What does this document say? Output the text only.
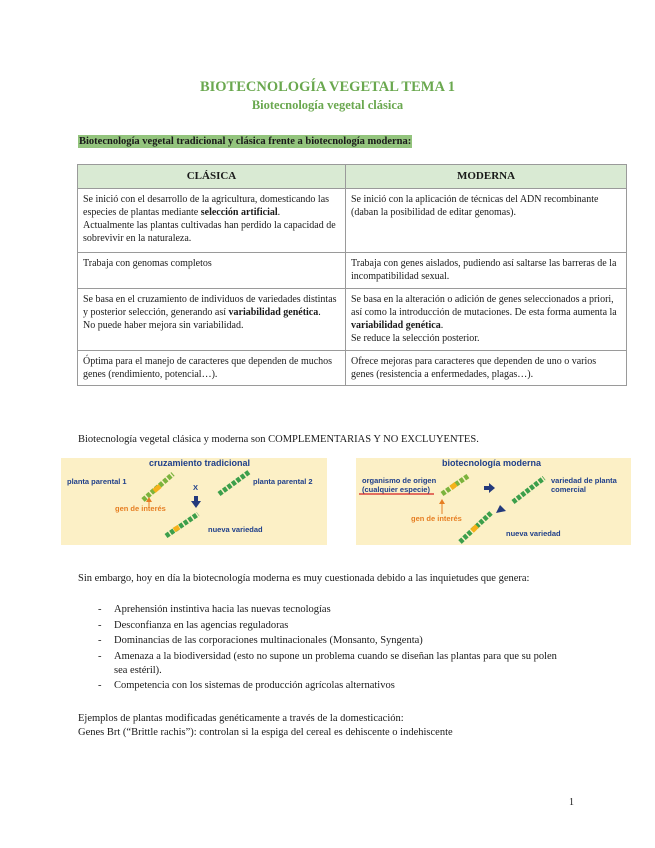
BIOTECNOLOGÍA VEGETAL TEMA 1
Biotecnología vegetal clásica
Biotecnología vegetal tradicional y clásica frente a biotecnología moderna:
CLÁSICA	MODERNA
Se inició con el desarrollo de la agricultura, domesticando las especies de plantas mediante selección artificial.
Actualmente las plantas cultivadas han perdido la capacidad de sobrevivir en la naturaleza.	Se inició con la aplicación de técnicas del ADN recombinante (daban la posibilidad de editar genomas).
Trabaja con genomas completos	Trabaja con genes aislados, pudiendo así saltarse las barreras de la incompatibilidad sexual.
Se basa en el cruzamiento de individuos de variedades distintas y posterior selección, generando así variabilidad genética.
No puede haber mejora sin variabilidad.	Se basa en la alteración o adición de genes seleccionados a priori, así como la introducción de mutaciones. De esta forma aumenta la variabilidad genética.
Se reduce la selección posterior.
Óptima para el manejo de caracteres que dependen de muchos genes (rendimiento, potencial…).	Ofrece mejoras para caracteres que dependen de uno o varios genes (resistencia a enfermedades, plagas…).
Biotecnología vegetal clásica y moderna son COMPLEMENTARIAS Y NO EXCLUYENTES.
cruzamiento tradicional
planta parental 1	planta parental 2
X
gen de interés
nueva variedad
biotecnología moderna
organismo de origen
(cualquier especie)
variedad de planta
comercial
gen de interés
nueva variedad
Sin embargo, hoy en día la biotecnología moderna es muy cuestionada debido a las inquietudes que genera:
- Aprehensión instintiva hacia las nuevas tecnologías
- Desconfianza en las agencias reguladoras
- Dominancias de las corporaciones multinacionales (Monsanto, Syngenta)
- Amenaza a la biodiversidad (esto no supone un problema cuando se diseñan las plantas para que su polen sea estéril).
- Competencia con los sistemas de producción agrícolas alternativos
Ejemplos de plantas modificadas genéticamente a través de la domesticación:
Genes Brt (“Brittle rachis”): controlan si la espiga del cereal es dehiscente o indehiscente
1
